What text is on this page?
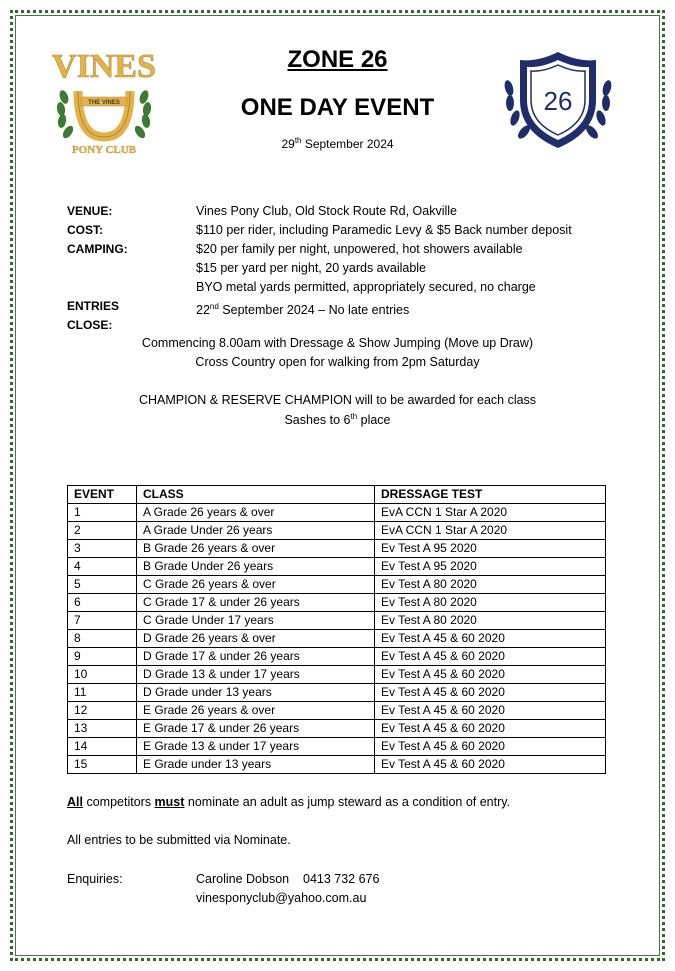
VINES
THE VINES
PONY CLUB
26
ZONE 26
ONE DAY EVENT
29th September 2024
VENUE:	Vines Pony Club, Old Stock Route Rd, Oakville
COST:	$110 per rider, including Paramedic Levy & $5 Back number deposit
CAMPING:	$20 per family per night, unpowered, hot showers available
$15 per yard per night, 20 yards available
BYO metal yards permitted, appropriately secured, no charge
ENTRIES CLOSE:
22nd September 2024 – No late entries
Commencing 8.00am with Dressage & Show Jumping (Move up Draw)
Cross Country open for walking from 2pm Saturday
CHAMPION & RESERVE CHAMPION will to be awarded for each class
Sashes to 6th place
EVENT	CLASS	DRESSAGE TEST
1	A Grade 26 years & over	EvA CCN 1 Star A 2020
2	A Grade Under 26 years	EvA CCN 1 Star A 2020
3	B Grade 26 years & over	Ev Test A 95 2020
4	B Grade Under 26 years	Ev Test A 95 2020
5	C Grade 26 years & over	Ev Test A 80 2020
6	C Grade 17 & under 26 years	Ev Test A 80 2020
7	C Grade Under 17 years	Ev Test A 80 2020
8	D Grade 26 years & over	Ev Test A 45 & 60 2020
9	D Grade 17 & under 26 years	Ev Test A 45 & 60 2020
10	D Grade 13 & under 17 years	Ev Test A 45 & 60 2020
11	D Grade under 13 years	Ev Test A 45 & 60 2020
12	E Grade 26 years & over	Ev Test A 45 & 60 2020
13	E Grade 17 & under 26 years	Ev Test A 45 & 60 2020
14	E Grade 13 & under 17 years	Ev Test A 45 & 60 2020
15	E Grade under 13 years	Ev Test A 45 & 60 2020
All competitors must nominate an adult as jump steward as a condition of entry.
All entries to be submitted via Nominate.
Enquiries:	Caroline Dobson    0413 732 676
vinesponyclub@yahoo.com.au
